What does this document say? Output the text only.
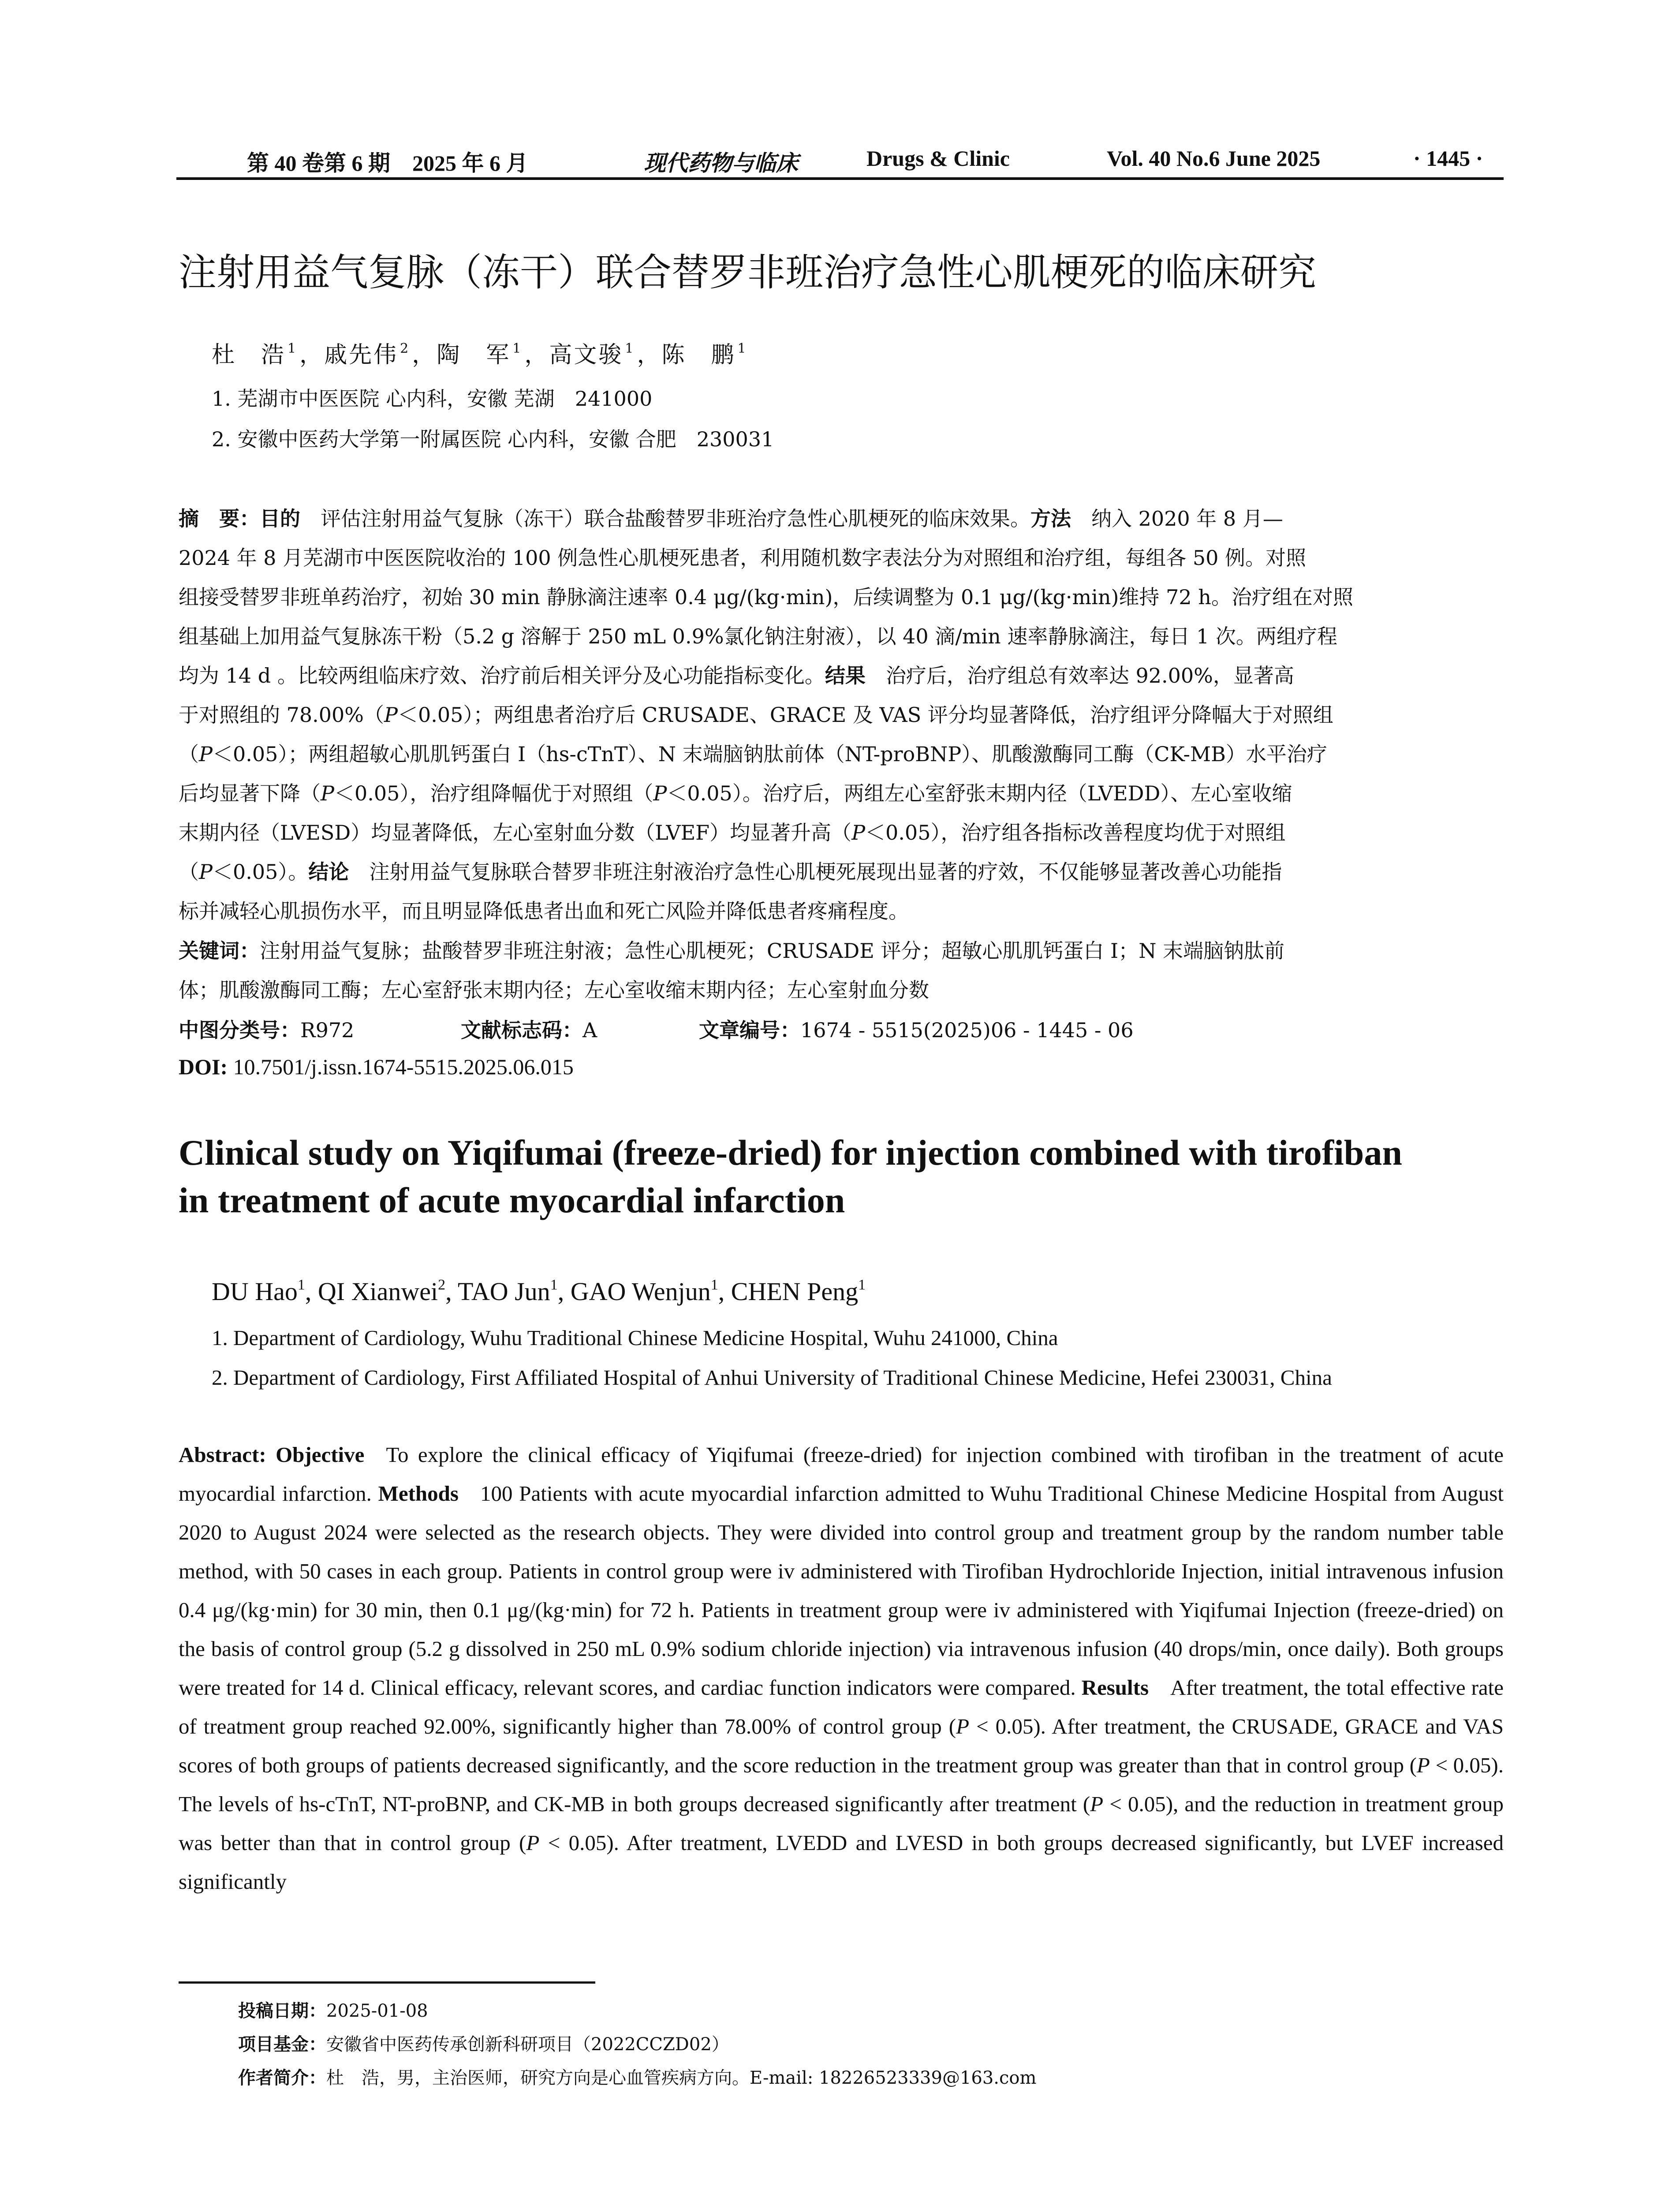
第 40 卷第 6 期　2025 年 6 月	现代药物与临床	Drugs & Clinic	Vol. 40 No.6 June 2025	· 1445 ·
注射用益气复脉（冻干）联合替罗非班治疗急性心肌梗死的临床研究
杜　浩 $^1$，戚先伟 $^2$，陶　军 $^1$，高文骏 $^1$，陈　鹏 $^1$
1. 芜湖市中医医院 心内科，安徽 芜湖　241000
2. 安徽中医药大学第一附属医院 心内科，安徽 合肥　230031
摘　要：目的　评估注射用益气复脉（冻干）联合盐酸替罗非班治疗急性心肌梗死的临床效果。方法　纳入 2020 年 8 月—
2024 年 8 月芜湖市中医医院收治的 100 例急性心肌梗死患者，利用随机数字表法分为对照组和治疗组，每组各 50 例。对照
组接受替罗非班单药治疗，初始 30 min 静脉滴注速率 0.4 μg/(kg·min)，后续调整为 0.1 μg/(kg·min)维持 72 h。治疗组在对照
组基础上加用益气复脉冻干粉（5.2 g 溶解于 250 mL 0.9%氯化钠注射液），以 40 滴/min 速率静脉滴注，每日 1 次。两组疗程
均为 14 d 。比较两组临床疗效、治疗前后相关评分及心功能指标变化。结果　治疗后，治疗组总有效率达 92.00%，显著高
于对照组的 78.00%（P＜0.05）；两组患者治疗后 CRUSADE、GRACE 及 VAS 评分均显著降低，治疗组评分降幅大于对照组
（P＜0.05）；两组超敏心肌肌钙蛋白 I（hs-cTnT）、N 末端脑钠肽前体（NT-proBNP）、肌酸激酶同工酶（CK-MB）水平治疗
后均显著下降（P＜0.05），治疗组降幅优于对照组（P＜0.05）。治疗后，两组左心室舒张末期内径（LVEDD）、左心室收缩
末期内径（LVESD）均显著降低，左心室射血分数（LVEF）均显著升高（P＜0.05），治疗组各指标改善程度均优于对照组
（P＜0.05）。结论　注射用益气复脉联合替罗非班注射液治疗急性心肌梗死展现出显著的疗效，不仅能够显著改善心功能指
标并减轻心肌损伤水平，而且明显降低患者出血和死亡风险并降低患者疼痛程度。
关键词：注射用益气复脉；盐酸替罗非班注射液；急性心肌梗死；CRUSADE 评分；超敏心肌肌钙蛋白 I；N 末端脑钠肽前
体；肌酸激酶同工酶；左心室舒张末期内径；左心室收缩末期内径；左心室射血分数
中图分类号：R972	文献标志码：A	文章编号：1674 - 5515(2025)06 - 1445 - 06
DOI: 10.7501/j.issn.1674-5515.2025.06.015
Clinical study on Yiqifumai (freeze-dried) for injection combined with tirofiban
in treatment of acute myocardial infarction
DU Hao$^1$, QI Xianwei$^2$, TAO Jun$^1$, GAO Wenjun$^1$, CHEN Peng$^1$
1. Department of Cardiology, Wuhu Traditional Chinese Medicine Hospital, Wuhu 241000, China
2. Department of Cardiology, First Affiliated Hospital of Anhui University of Traditional Chinese Medicine, Hefei 230031, China
Abstract: Objective To explore the clinical efficacy of Yiqifumai (freeze-dried) for injection combined with tirofiban in the treatment of acute myocardial infarction. Methods 100 Patients with acute myocardial infarction admitted to Wuhu Traditional Chinese Medicine Hospital from August 2020 to August 2024 were selected as the research objects. They were divided into control group and treatment group by the random number table method, with 50 cases in each group. Patients in control group were iv administered with Tirofiban Hydrochloride Injection, initial intravenous infusion 0.4 μg/(kg·min) for 30 min, then 0.1 μg/(kg·min) for 72 h. Patients in treatment group were iv administered with Yiqifumai Injection (freeze-dried) on the basis of control group (5.2 g dissolved in 250 mL 0.9% sodium chloride injection) via intravenous infusion (40 drops/min, once daily). Both groups were treated for 14 d. Clinical efficacy, relevant scores, and cardiac function indicators were compared. Results After treatment, the total effective rate of treatment group reached 92.00%, significantly higher than 78.00% of control group (P < 0.05). After treatment, the CRUSADE, GRACE and VAS scores of both groups of patients decreased significantly, and the score reduction in the treatment group was greater than that in control group (P < 0.05). The levels of hs-cTnT, NT-proBNP, and CK-MB in both groups decreased significantly after treatment (P < 0.05), and the reduction in treatment group was better than that in control group (P < 0.05). After treatment, LVEDD and LVESD in both groups decreased significantly, but LVEF increased significantly
投稿日期：2025-01-08
项目基金：安徽省中医药传承创新科研项目（2022CCZD02）
作者简介：杜　浩，男，主治医师，研究方向是心血管疾病方向。E-mail: 18226523339@163.com
